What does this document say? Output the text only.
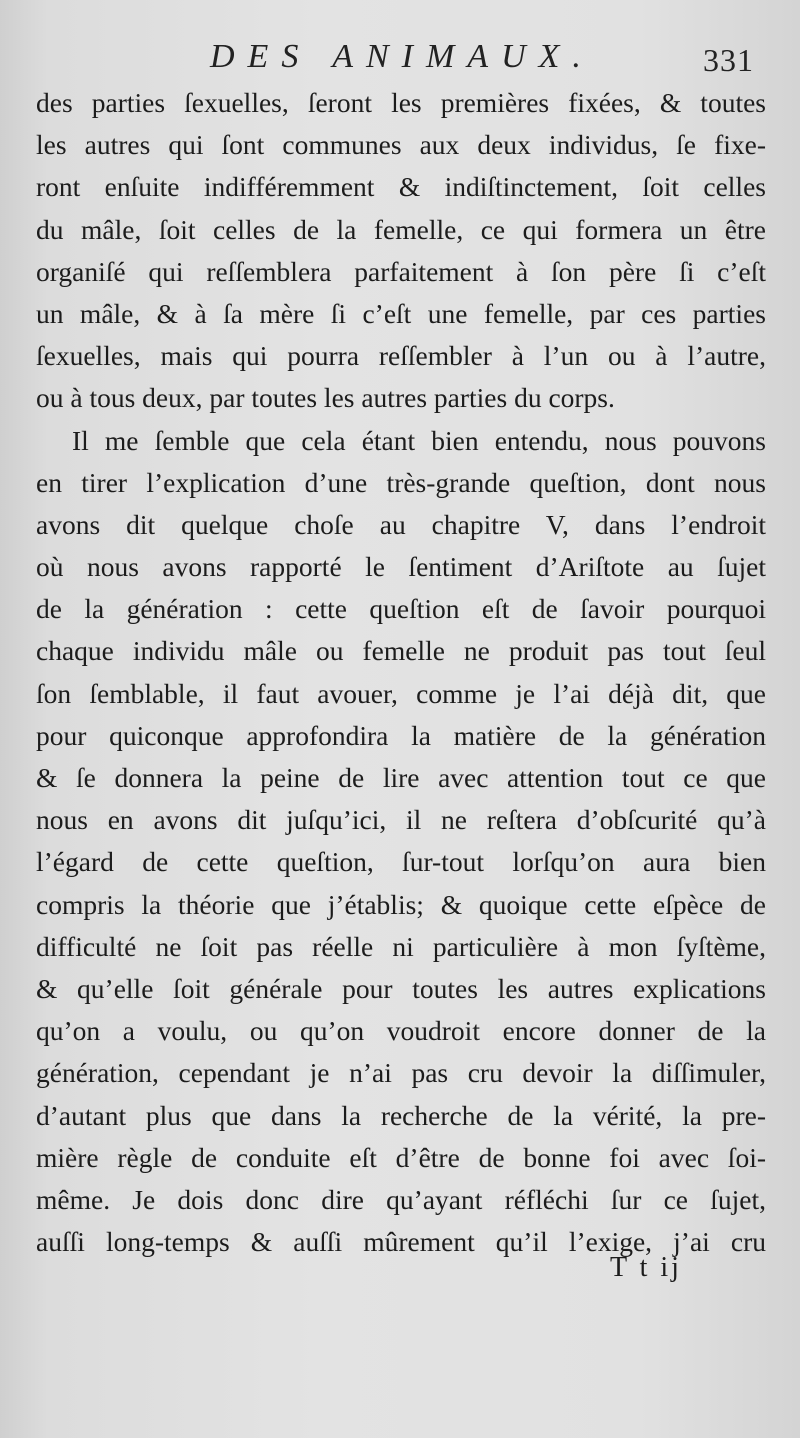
DES ANIMAUX.	331
des parties ſexuelles, ſeront les premières fixées, & toutes
les autres qui ſont communes aux deux individus, ſe fixe-
ront enſuite indifféremment & indiſtinctement, ſoit celles
du mâle, ſoit celles de la femelle, ce qui formera un être
organiſé qui reſſemblera parfaitement à ſon père ſi c’eſt
un mâle, & à ſa mère ſi c’eſt une femelle, par ces parties
ſexuelles, mais qui pourra reſſembler à l’un ou à l’autre,
ou à tous deux, par toutes les autres parties du corps.
Il me ſemble que cela étant bien entendu, nous pouvons
en tirer l’explication d’une très-grande queſtion, dont nous
avons dit quelque choſe au chapitre V, dans l’endroit
où nous avons rapporté le ſentiment d’Ariſtote au ſujet
de la génération : cette queſtion eſt de ſavoir pourquoi
chaque individu mâle ou femelle ne produit pas tout ſeul
ſon ſemblable, il faut avouer, comme je l’ai déjà dit, que
pour quiconque approfondira la matière de la génération
& ſe donnera la peine de lire avec attention tout ce que
nous en avons dit juſqu’ici, il ne reſtera d’obſcurité qu’à
l’égard de cette queſtion, ſur-tout lorſqu’on aura bien
compris la théorie que j’établis; & quoique cette eſpèce de
difficulté ne ſoit pas réelle ni particulière à mon ſyſtème,
& qu’elle ſoit générale pour toutes les autres explications
qu’on a voulu, ou qu’on voudroit encore donner de la
génération, cependant je n’ai pas cru devoir la diſſimuler,
d’autant plus que dans la recherche de la vérité, la pre-
mière règle de conduite eſt d’être de bonne foi avec ſoi-
même. Je dois donc dire qu’ayant réfléchi ſur ce ſujet,
auſſi long-temps & auſſi mûrement qu’il l’exige, j’ai cru
T t ij
